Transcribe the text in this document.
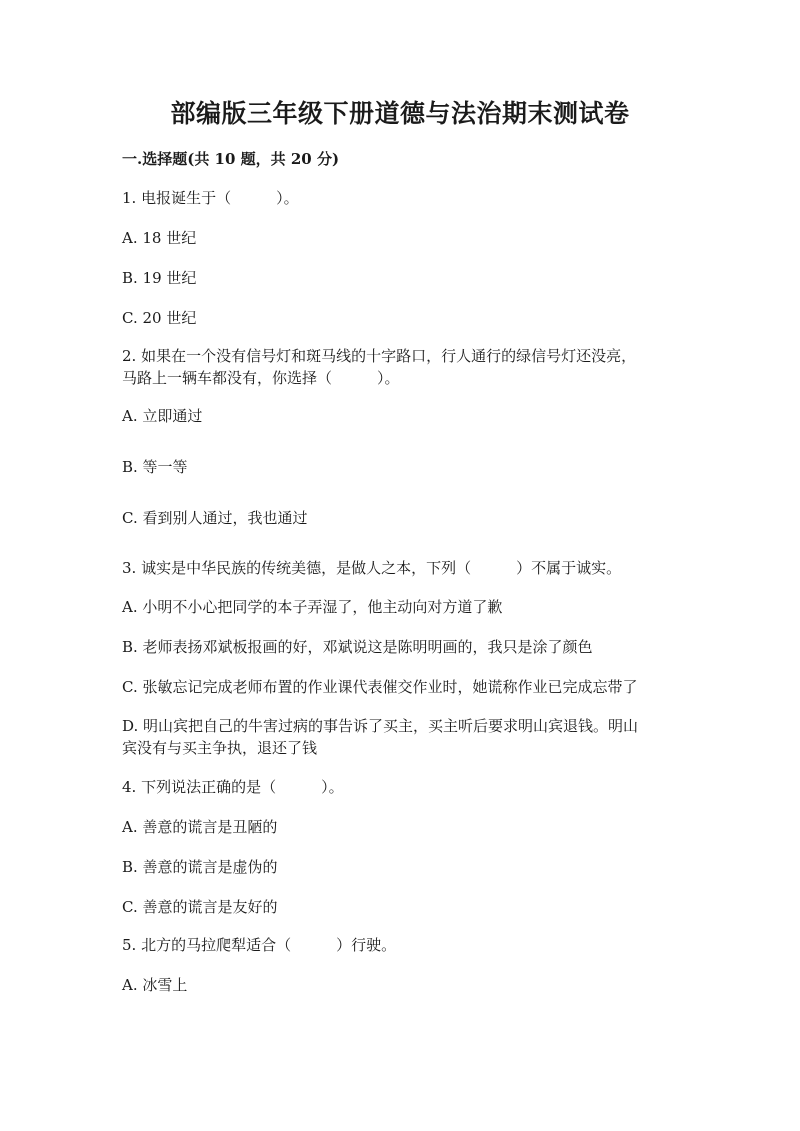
部编版三年级下册道德与法治期末测试卷
一.选择题(共 10 题，共 20 分)
1. 电报诞生于（　　　）。
A. 18 世纪
B. 19 世纪
C. 20 世纪
2. 如果在一个没有信号灯和斑马线的十字路口，行人通行的绿信号灯还没亮，
马路上一辆车都没有，你选择（　　　）。
A. 立即通过
B. 等一等
C. 看到别人通过，我也通过
3. 诚实是中华民族的传统美德，是做人之本，下列（　　　）不属于诚实。
A. 小明不小心把同学的本子弄湿了，他主动向对方道了歉
B. 老师表扬邓斌板报画的好，邓斌说这是陈明明画的，我只是涂了颜色
C. 张敏忘记完成老师布置的作业课代表催交作业时，她谎称作业已完成忘带了
D. 明山宾把自己的牛害过病的事告诉了买主，买主听后要求明山宾退钱。明山
宾没有与买主争执，退还了钱
4. 下列说法正确的是（　　　）。
A. 善意的谎言是丑陋的
B. 善意的谎言是虚伪的
C. 善意的谎言是友好的
5. 北方的马拉爬犁适合（　　　）行驶。
A. 冰雪上
